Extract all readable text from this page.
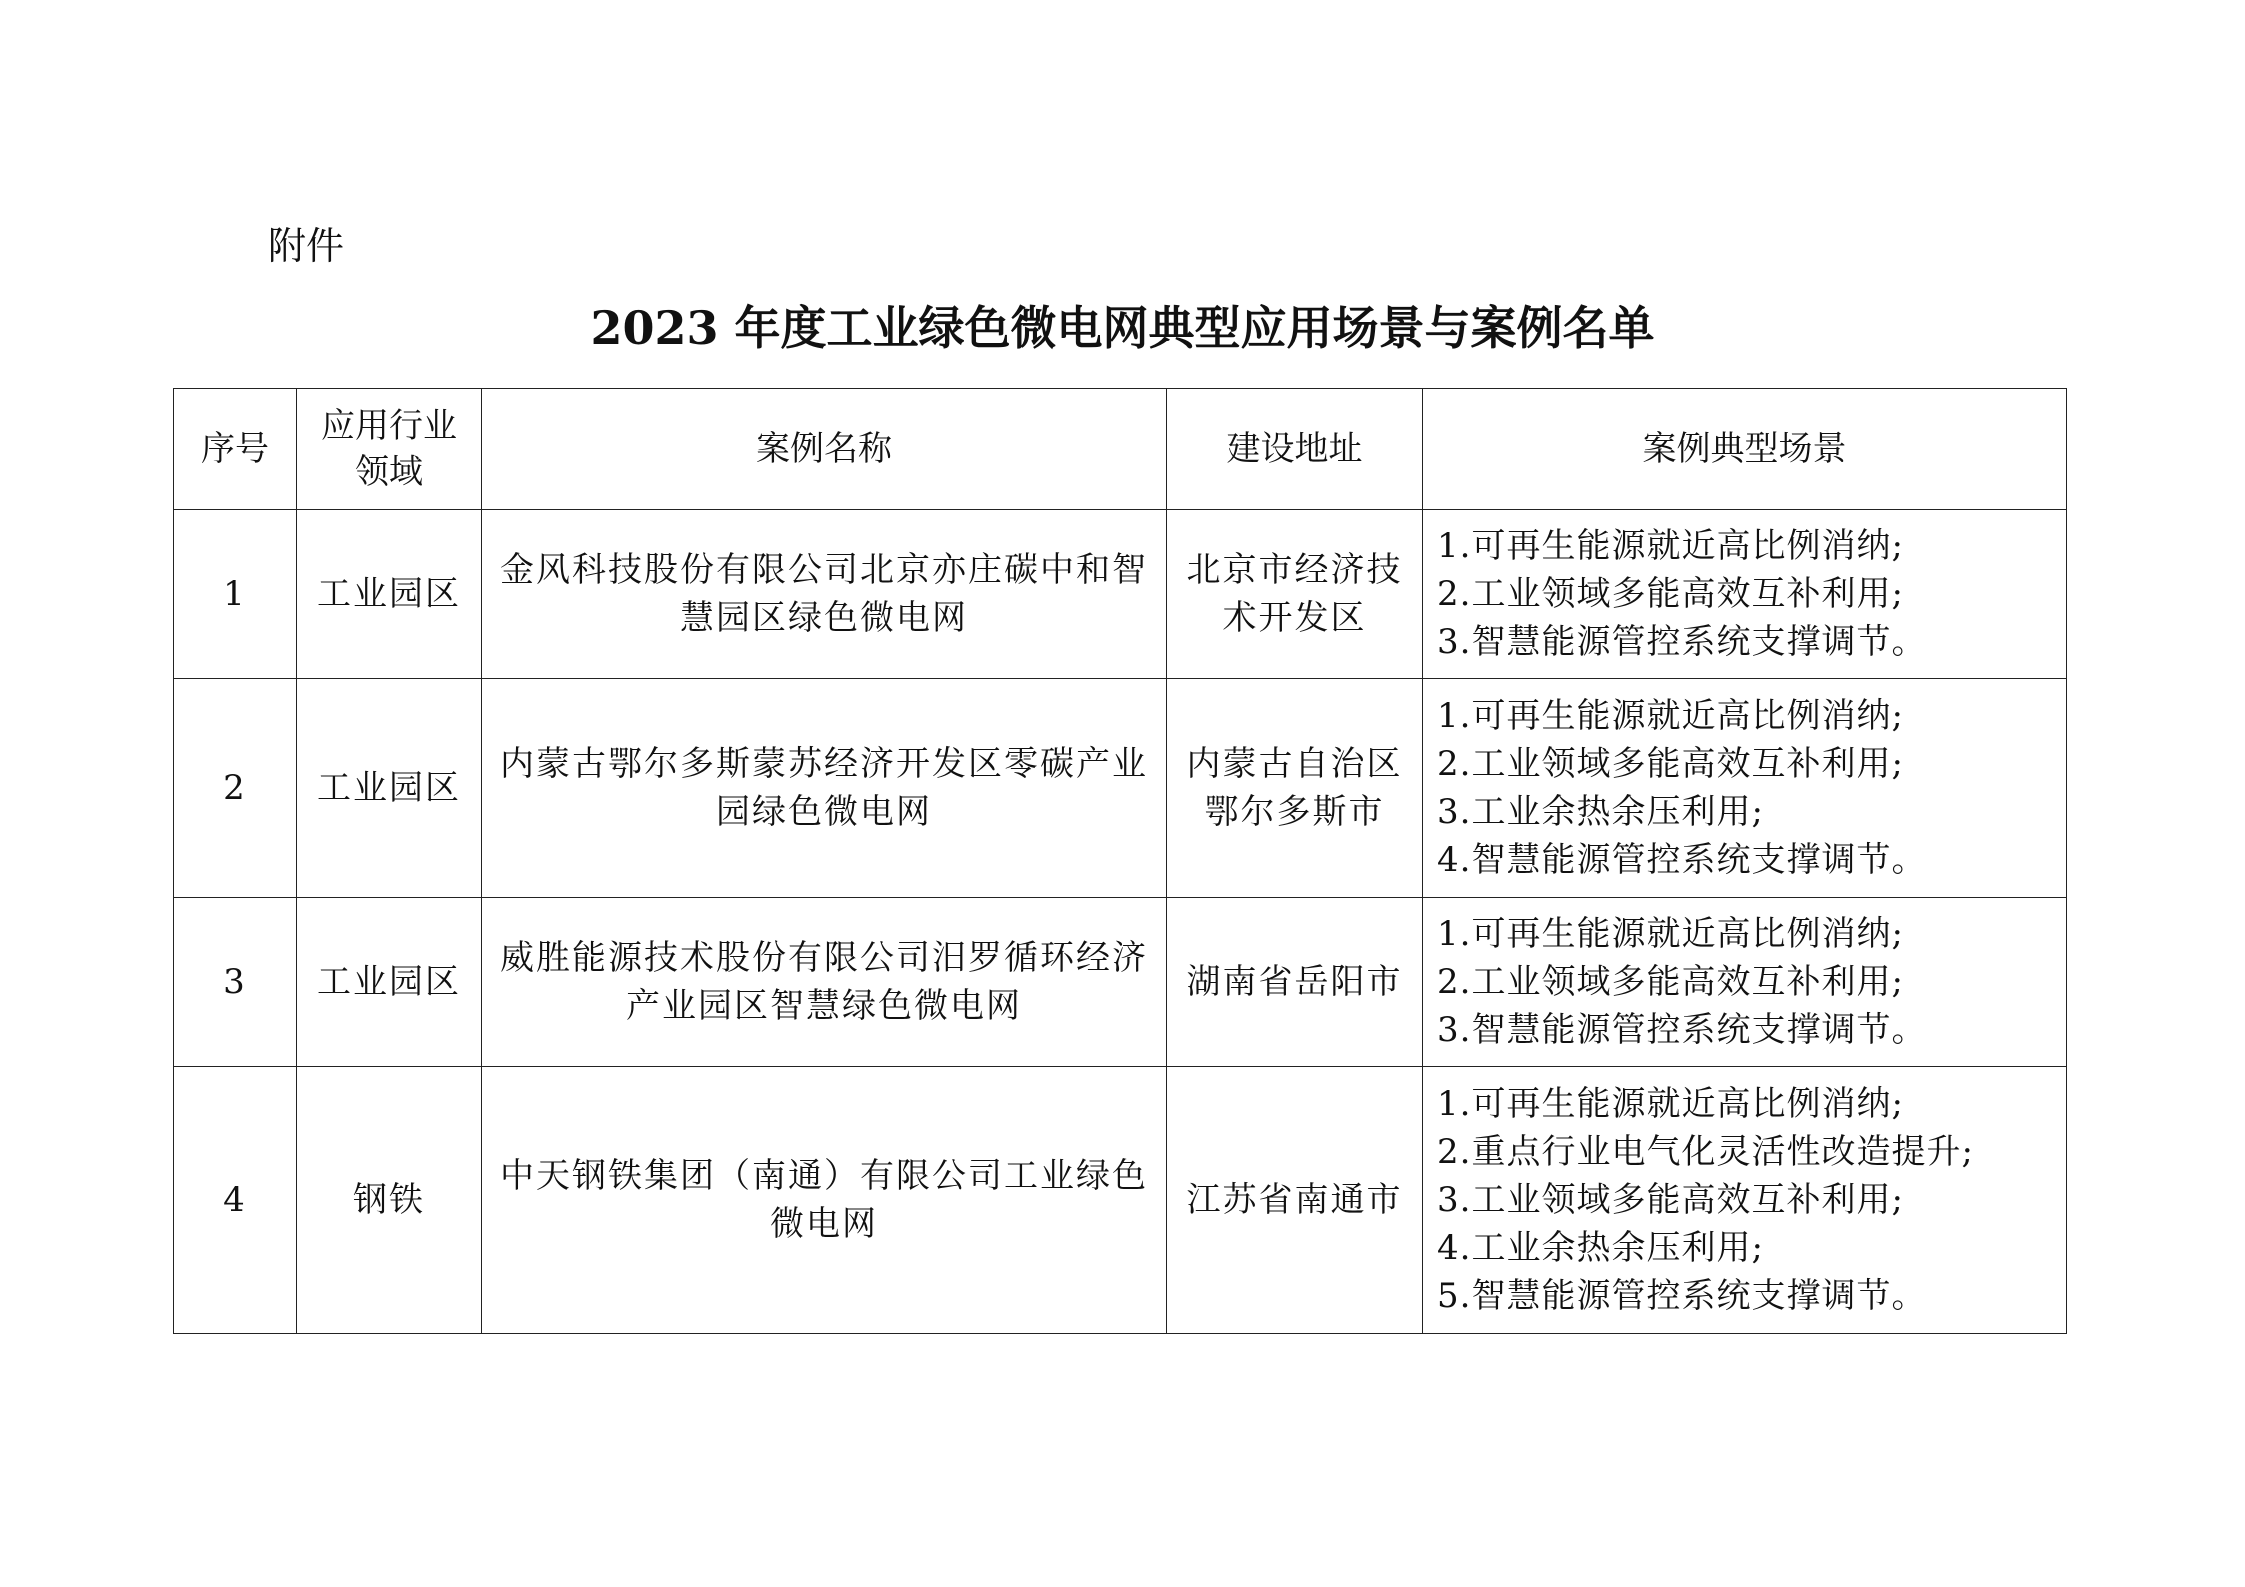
附件
2023 年度工业绿色微电网典型应用场景与案例名单
序号	应用行业领域	案例名称	建设地址	案例典型场景
1	工业园区	金风科技股份有限公司北京亦庄碳中和智慧园区绿色微电网	北京市经济技术开发区	1.可再生能源就近高比例消纳;
2.工业领域多能高效互补利用;
3.智慧能源管控系统支撑调节。

2	工业园区	内蒙古鄂尔多斯蒙苏经济开发区零碳产业园绿色微电网	内蒙古自治区鄂尔多斯市	1.可再生能源就近高比例消纳;
2.工业领域多能高效互补利用;
3.工业余热余压利用;
4.智慧能源管控系统支撑调节。

3	工业园区	威胜能源技术股份有限公司汨罗循环经济产业园区智慧绿色微电网	湖南省岳阳市	1.可再生能源就近高比例消纳;
2.工业领域多能高效互补利用;
3.智慧能源管控系统支撑调节。

4	钢铁	中天钢铁集团（南通）有限公司工业绿色微电网	江苏省南通市	1.可再生能源就近高比例消纳;
2.重点行业电气化灵活性改造提升;
3.工业领域多能高效互补利用;
4.工业余热余压利用;
5.智慧能源管控系统支撑调节。
